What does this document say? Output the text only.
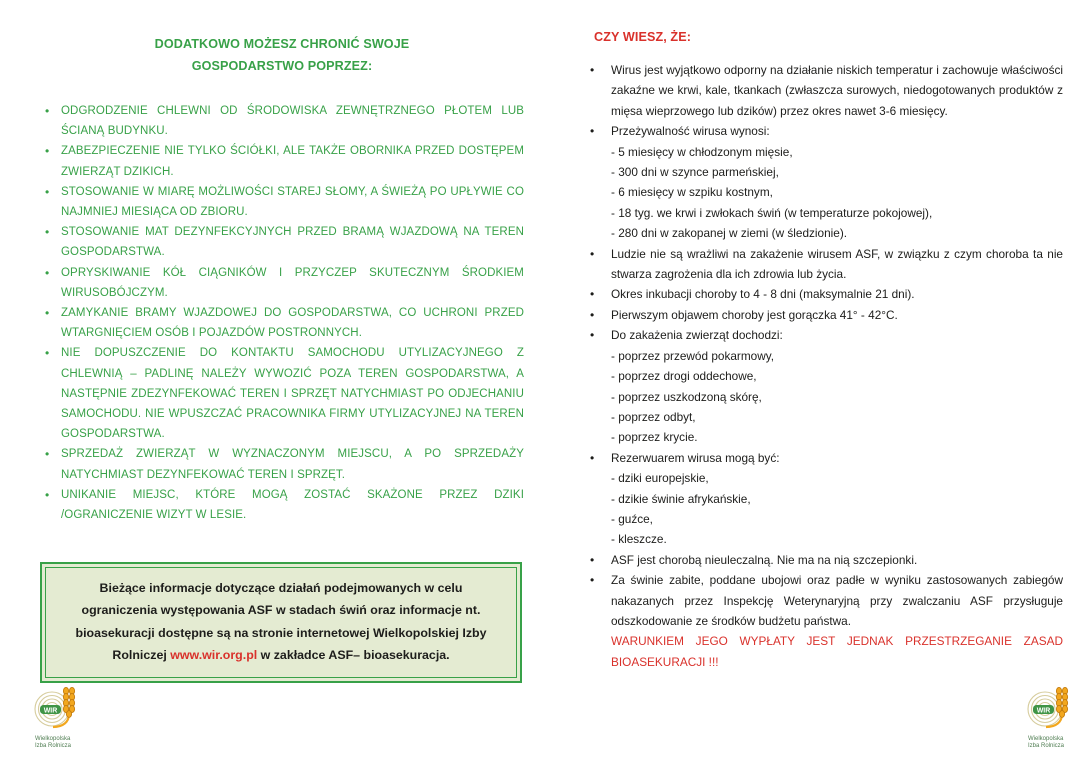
DODATKOWO MOŻESZ CHRONIĆ SWOJE
GOSPODARSTWO POPRZEZ:
• ODGRODZENIE CHLEWNI OD ŚRODOWISKA ZEWNĘTRZNEGO PŁOTEM LUB ŚCIANĄ BUDYNKU.
• ZABEZPIECZENIE NIE TYLKO ŚCIÓŁKI, ALE TAKŻE OBORNIKA PRZED DOSTĘPEM ZWIERZĄT DZIKICH.
• STOSOWANIE W MIARĘ MOŻLIWOŚCI STAREJ SŁOMY, A ŚWIEŻĄ PO UPŁYWIE CO NAJMNIEJ MIESIĄCA OD ZBIORU.
• STOSOWANIE MAT DEZYNFEKCYJNYCH PRZED BRAMĄ WJAZDOWĄ NA TEREN GOSPODARSTWA.
• OPRYSKIWANIE KÓŁ CIĄGNIKÓW I PRZYCZEP SKUTECZNYM ŚRODKIEM WIRUSOBÓJCZYM.
• ZAMYKANIE BRAMY WJAZDOWEJ DO GOSPODARSTWA, CO UCHRONI PRZED WTARGNIĘCIEM OSÓB I POJAZDÓW POSTRONNYCH.
• NIE DOPUSZCZENIE DO KONTAKTU SAMOCHODU UTYLIZACYJNEGO Z CHLEWNIĄ – PADLINĘ NALEŻY WYWOZIĆ POZA TEREN GOSPODARSTWA, A NASTĘPNIE ZDEZYNFEKOWAĆ TEREN I SPRZĘT NATYCHMIAST PO ODJECHANIU SAMOCHODU. NIE WPUSZCZAĆ PRACOWNIKA FIRMY UTYLIZACYJNEJ NA TEREN GOSPODARSTWA.
• SPRZEDAŻ ZWIERZĄT W WYZNACZONYM MIEJSCU, A PO SPRZEDAŻY NATYCHMIAST DEZYNFEKOWAĆ TEREN I SPRZĘT.
• UNIKANIE MIEJSC, KTÓRE MOGĄ ZOSTAĆ SKAŻONE PRZEZ DZIKI /OGRANICZENIE WIZYT W LESIE.
Bieżące informacje dotyczące działań podejmowanych w celu ograniczenia występowania ASF w stadach świń oraz informacje nt. bioasekuracji dostępne są na stronie internetowej Wielkopolskiej Izby Rolniczej www.wir.org.pl w zakładce ASF– bioasekuracja.
CZY WIESZ, ŻE:
• Wirus jest wyjątkowo odporny na działanie niskich temperatur i zachowuje właściwości zakaźne we krwi, kale, tkankach (zwłaszcza surowych, niedogotowanych produktów z mięsa wieprzowego lub dzików) przez okres nawet 3-6 miesięcy.
• Przeżywalność wirusa wynosi:
- 5 miesięcy w chłodzonym mięsie,
- 300 dni w szynce parmeńskiej,
- 6 miesięcy w szpiku kostnym,
- 18 tyg. we krwi i zwłokach świń (w temperaturze pokojowej),
- 280 dni w zakopanej w ziemi (w śledzionie).
• Ludzie nie są wrażliwi na zakażenie wirusem ASF, w związku z czym choroba ta nie stwarza zagrożenia dla ich zdrowia lub życia.
• Okres inkubacji choroby to 4 - 8 dni (maksymalnie 21 dni).
• Pierwszym objawem choroby jest gorączka 41° - 42°C.
• Do zakażenia zwierząt dochodzi:
- poprzez przewód pokarmowy,
- poprzez drogi oddechowe,
- poprzez uszkodzoną skórę,
- poprzez odbyt,
- poprzez krycie.
• Rezerwuarem wirusa mogą być:
- dziki europejskie,
- dzikie świnie afrykańskie,
- guźce,
- kleszcze.
• ASF jest chorobą nieuleczalną. Nie ma na nią szczepionki.
• Za świnie zabite, poddane ubojowi oraz padłe w wyniku zastosowanych zabiegów nakazanych przez Inspekcję Weterynaryjną przy zwalczaniu ASF przysługuje odszkodowanie ze środków budżetu państwa.
WARUNKIEM JEGO WYPŁATY JEST JEDNAK PRZESTRZEGANIE ZASAD BIOASEKURACJI !!!
WIR
Wielkopolska
Izba Rolnicza
WIR
Wielkopolska
Izba Rolnicza
